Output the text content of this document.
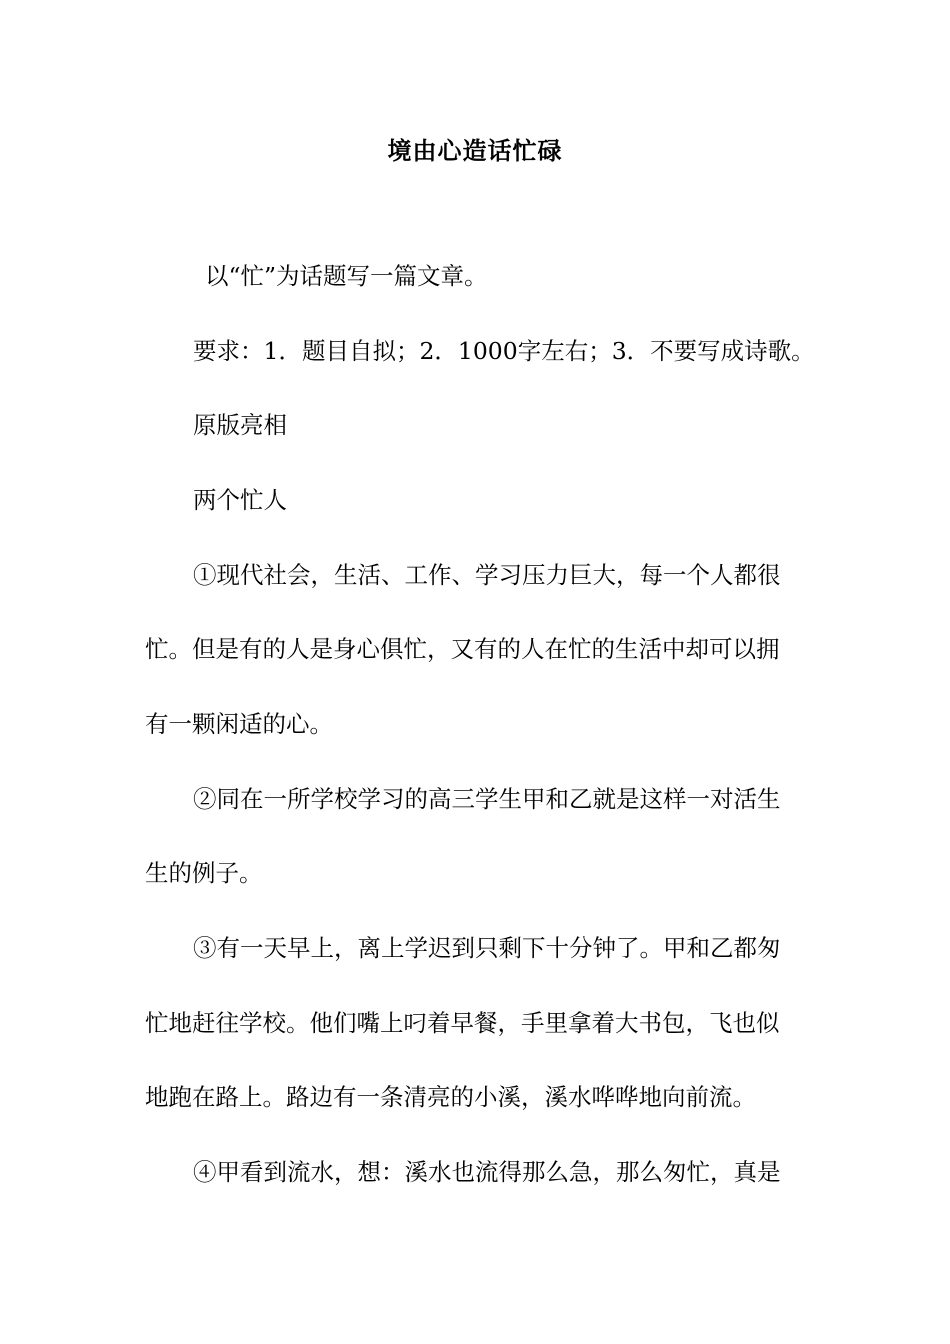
境由心造话忙碌
以“忙”为话题写一篇文章。
要求：1．题目自拟；2．1000字左右；3．不要写成诗歌。
原版亮相
两个忙人
①现代社会，生活、工作、学习压力巨大，每一个人都很
忙。但是有的人是身心俱忙，又有的人在忙的生活中却可以拥
有一颗闲适的心。
②同在一所学校学习的高三学生甲和乙就是这样一对活生
生的例子。
③有一天早上，离上学迟到只剩下十分钟了。甲和乙都匆
忙地赶往学校。他们嘴上叼着早餐，手里拿着大书包，飞也似
地跑在路上。路边有一条清亮的小溪，溪水哗哗地向前流。
④甲看到流水，想：溪水也流得那么急，那么匆忙，真是
